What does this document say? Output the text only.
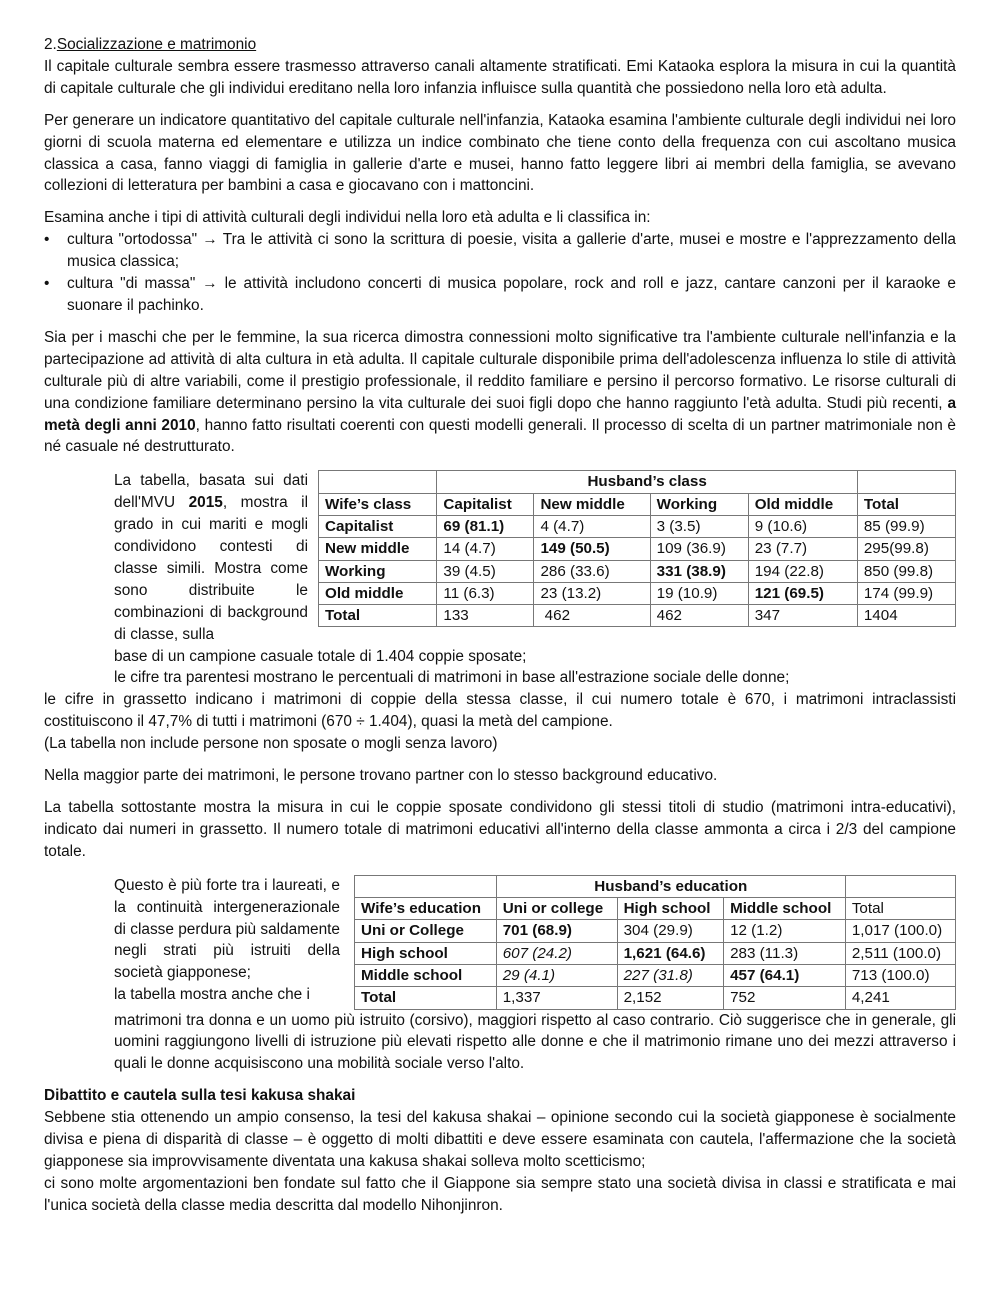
2.Socializzazione e matrimonio

Il capitale culturale sembra essere trasmesso attraverso canali altamente stratificati. Emi Kataoka esplora la misura in cui la quantità di capitale culturale che gli individui ereditano nella loro infanzia influisce sulla quantità che possiedono nella loro età adulta.

Per generare un indicatore quantitativo del capitale culturale nell'infanzia, Kataoka esamina l'ambiente culturale degli individui nei loro giorni di scuola materna ed elementare e utilizza un indice combinato che tiene conto della frequenza con cui ascoltano musica classica a casa, fanno viaggi di famiglia in gallerie d'arte e musei, hanno fatto leggere libri ai membri della famiglia, se avevano collezioni di letteratura per bambini a casa e giocavano con i mattoncini.

Esamina anche i tipi di attività culturali degli individui nella loro età adulta e li classifica in:

• cultura "ortodossa" → Tra le attività ci sono la scrittura di poesie, visita a gallerie d'arte, musei e mostre e l'apprezzamento della musica classica;
• cultura "di massa" → le attività includono concerti di musica popolare, rock and roll e jazz, cantare canzoni per il karaoke e suonare il pachinko.

Sia per i maschi che per le femmine, la sua ricerca dimostra connessioni molto significative tra l'ambiente culturale nell'infanzia e la partecipazione ad attività di alta cultura in età adulta. Il capitale culturale disponibile prima dell'adolescenza influenza lo stile di attività culturale più di altre variabili, come il prestigio professionale, il reddito familiare e persino il percorso formativo. Le risorse culturali di una condizione familiare determinano persino la vita culturale dei suoi figli dopo che hanno raggiunto l'età adulta. Studi più recenti, a metà degli anni 2010, hanno fatto risultati coerenti con questi modelli generali. Il processo di scelta di un partner matrimoniale non è né casuale né destrutturato.

	Husband’s class				
Wife’s class	Capitalist	New middle	Working	Old middle	Total
Capitalist	69 (81.1)	4 (4.7)	3 (3.5)	9 (10.6)	85 (99.9)
New middle	14 (4.7)	149 (50.5)	109 (36.9)	23 (7.7)	295(99.8)
Working	39 (4.5)	286 (33.6)	331 (38.9)	194 (22.8)	850 (99.8)
Old middle	11 (6.3)	23 (13.2)	19 (10.9)	121 (69.5)	174 (99.9)
Total	133	462	462	347	1404
La tabella, basata sui dati dell'MVU 2015, mostra il grado in cui mariti e mogli condividono contesti di classe simili. Mostra come sono distribuite le combinazioni di background di classe, sulla

base di un campione casuale totale di 1.404 coppie sposate;

le cifre tra parentesi mostrano le percentuali di matrimoni in base all'estrazione sociale delle donne;

le cifre in grassetto indicano i matrimoni di coppie della stessa classe, il cui numero totale è 670, i matrimoni intraclassisti costituiscono il 47,7% di tutti i matrimoni (670 ÷ 1.404), quasi la metà del campione.

(La tabella non include persone non sposate o mogli senza lavoro)

Nella maggior parte dei matrimoni, le persone trovano partner con lo stesso background educativo.

La tabella sottostante mostra la misura in cui le coppie sposate condividono gli stessi titoli di studio (matrimoni intra-educativi), indicato dai numeri in grassetto. Il numero totale di matrimoni educativi all'interno della classe ammonta a circa i 2/3 del campione totale.

	Husband’s education			
Wife’s education	Uni or college	High school	Middle school	Total
Uni or College	701 (68.9)	304 (29.9)	12 (1.2)	1,017 (100.0)
High school	607 (24.2)	1,621 (64.6)	283 (11.3)	2,511 (100.0)
Middle school	29 (4.1)	227 (31.8)	457 (64.1)	713 (100.0)
Total	1,337	2,152	752	4,241
Questo è più forte tra i laureati, e la continuità intergenerazionale di classe perdura più saldamente negli strati più istruiti della società giapponese;
la tabella mostra anche che i

matrimoni tra donna e un uomo più istruito (corsivo), maggiori rispetto al caso contrario. Ciò suggerisce che in generale, gli uomini raggiungono livelli di istruzione più elevati rispetto alle donne e che il matrimonio rimane uno dei mezzi attraverso i quali le donne acquisiscono una mobilità sociale verso l'alto.

Dibattito e cautela sulla tesi kakusa shakai

Sebbene stia ottenendo un ampio consenso, la tesi del kakusa shakai – opinione secondo cui la società giapponese è socialmente divisa e piena di disparità di classe – è oggetto di molti dibattiti e deve essere esaminata con cautela, l'affermazione che la società giapponese sia improvvisamente diventata una kakusa shakai solleva molto scetticismo;

ci sono molte argomentazioni ben fondate sul fatto che il Giappone sia sempre stato una società divisa in classi e stratificata e mai l'unica società della classe media descritta dal modello Nihonjinron.
